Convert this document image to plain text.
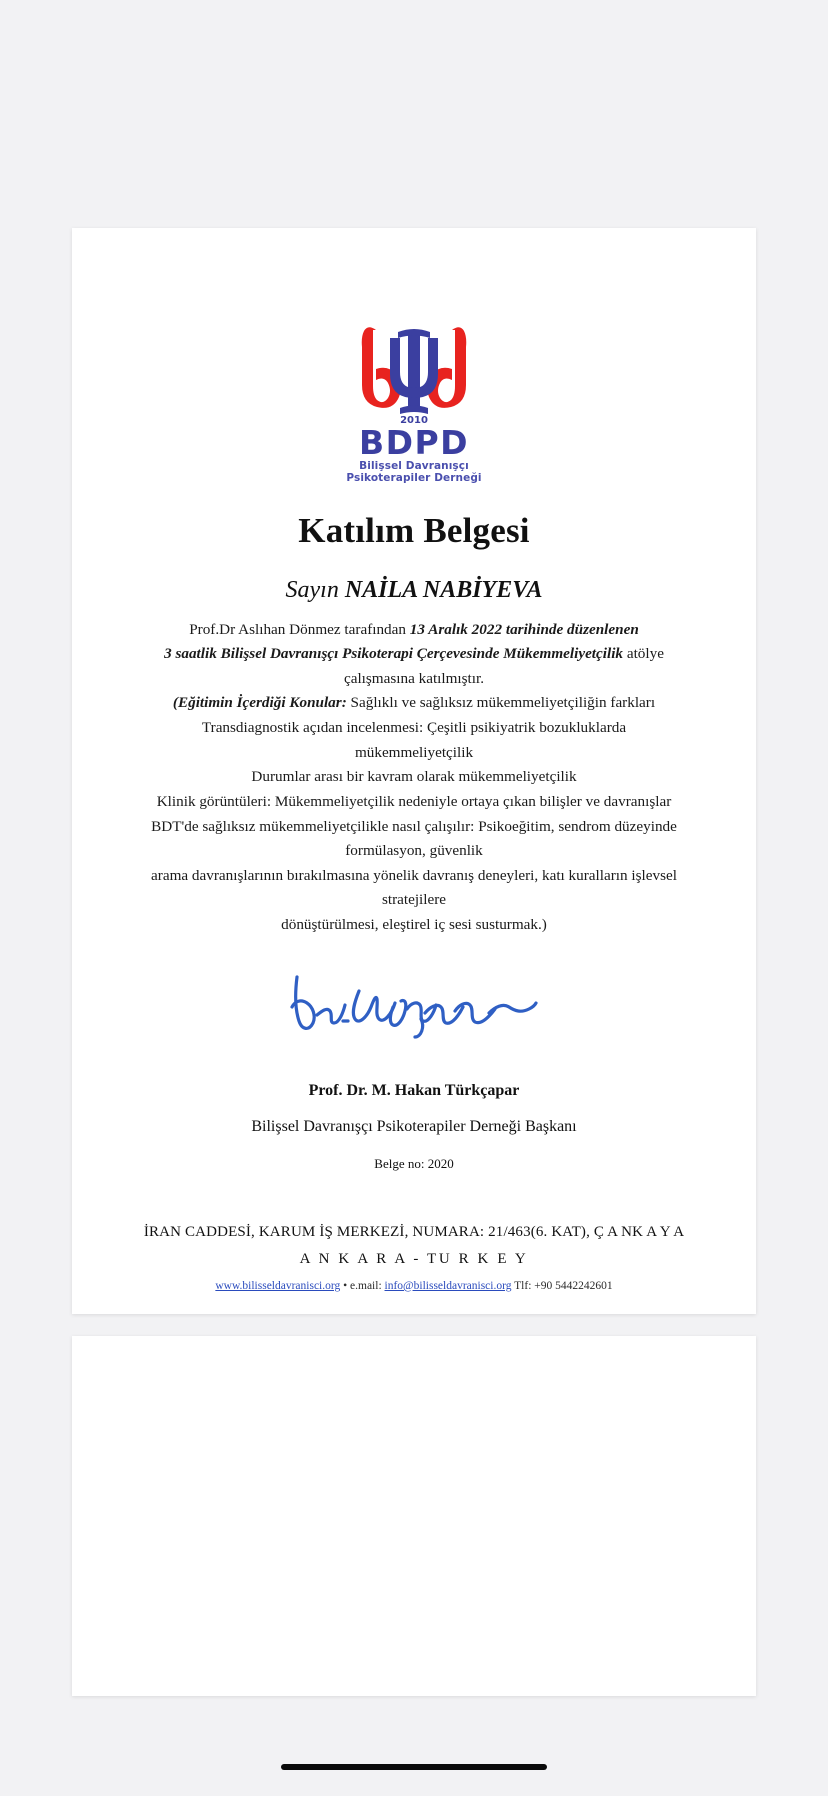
2010
BDPD
Bilişsel Davranışçı
Psikoterapiler Derneği
Katılım Belgesi
Sayın NAİLA NABİYEVA

Prof.Dr Aslıhan Dönmez tarafından 13 Aralık 2022 tarihinde düzenlenen

3 saatlik Bilişsel Davranışçı Psikoterapi Çerçevesinde Mükemmeliyetçilik atölye

çalışmasına katılmıştır.

(Eğitimin İçerdiği Konular: Sağlıklı ve sağlıksız mükemmeliyetçiliğin farkları

Transdiagnostik açıdan incelenmesi: Çeşitli psikiyatrik bozukluklarda

mükemmeliyetçilik

Durumlar arası bir kavram olarak mükemmeliyetçilik

Klinik görüntüleri: Mükemmeliyetçilik nedeniyle ortaya çıkan bilişler ve davranışlar

BDT'de sağlıksız mükemmeliyetçilikle nasıl çalışılır: Psikoeğitim, sendrom düzeyinde

formülasyon, güvenlik

arama davranışlarının bırakılmasına yönelik davranış deneyleri, katı kuralların işlevsel

stratejilere

dönüştürülmesi, eleştirel iç sesi susturmak.)

Prof. Dr. M. Hakan Türkçapar
Bilişsel Davranışçı Psikoterapiler Derneği Başkanı
Belge no: 2020
İRAN CADDESİ, KARUM İŞ MERKEZİ, NUMARA: 21/463(6. KAT), Ç A NK A Y A
A N K A R A - TU R K E Y
www.bilisseldavranisci.org • e.mail: info@bilisseldavranisci.org Tlf: +90 5442242601
